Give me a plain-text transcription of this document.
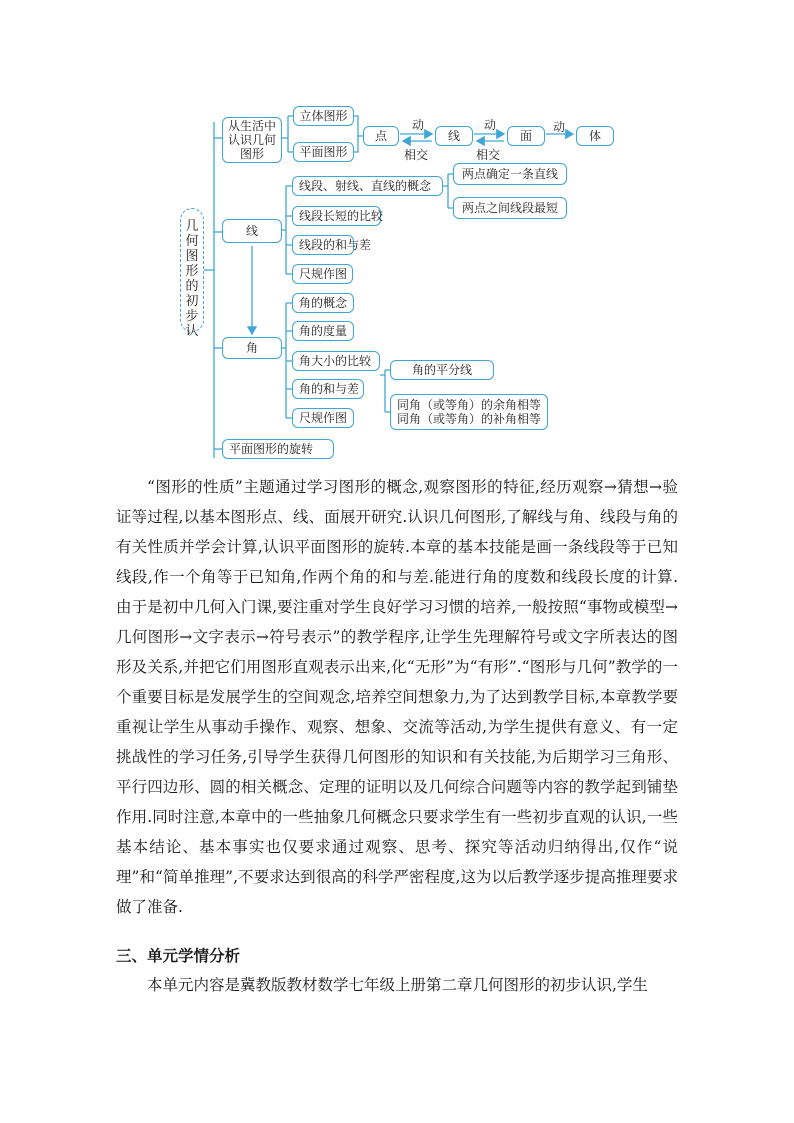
几
何
图
形
的
初
步
认
从生活中
认识几何
图形
立体图形
平面图形
点	线	面	体
动
相交
动
相交
动
线
线段、射线、直线的概念
线段长短的比较
线段的和与差
尺规作图
两点确定一条直线
两点之间线段最短
角
角的概念
角的度量
角大小的比较
角的和与差
尺规作图
角的平分线
同角（或等角）的余角相等
同角（或等角）的补角相等
平面图形的旋转
“图形的性质”主题通过学习图形的概念,观察图形的特征,经历观察→猜想→验证等过程,以基本图形点、线、面展开研究.认识几何图形,了解线与角、线段与角的有关性质并学会计算,认识平面图形的旋转.本章的基本技能是画一条线段等于已知线段,作一个角等于已知角,作两个角的和与差.能进行角的度数和线段长度的计算.由于是初中几何入门课,要注重对学生良好学习习惯的培养,一般按照“事物或模型→几何图形→文字表示→符号表示”的教学程序,让学生先理解符号或文字所表达的图形及关系,并把它们用图形直观表示出来,化“无形”为“有形”.“图形与几何”教学的一个重要目标是发展学生的空间观念,培养空间想象力,为了达到教学目标,本章教学要重视让学生从事动手操作、观察、想象、交流等活动,为学生提供有意义、有一定挑战性的学习任务,引导学生获得几何图形的知识和有关技能,为后期学习三角形、平行四边形、圆的相关概念、定理的证明以及几何综合问题等内容的教学起到铺垫作用.同时注意,本章中的一些抽象几何概念只要求学生有一些初步直观的认识,一些基本结论、基本事实也仅要求通过观察、思考、探究等活动归纳得出,仅作“说理”和“简单推理”,不要求达到很高的科学严密程度,这为以后教学逐步提高推理要求做了准备.
三、单元学情分析
本单元内容是冀教版教材数学七年级上册第二章几何图形的初步认识,学生
